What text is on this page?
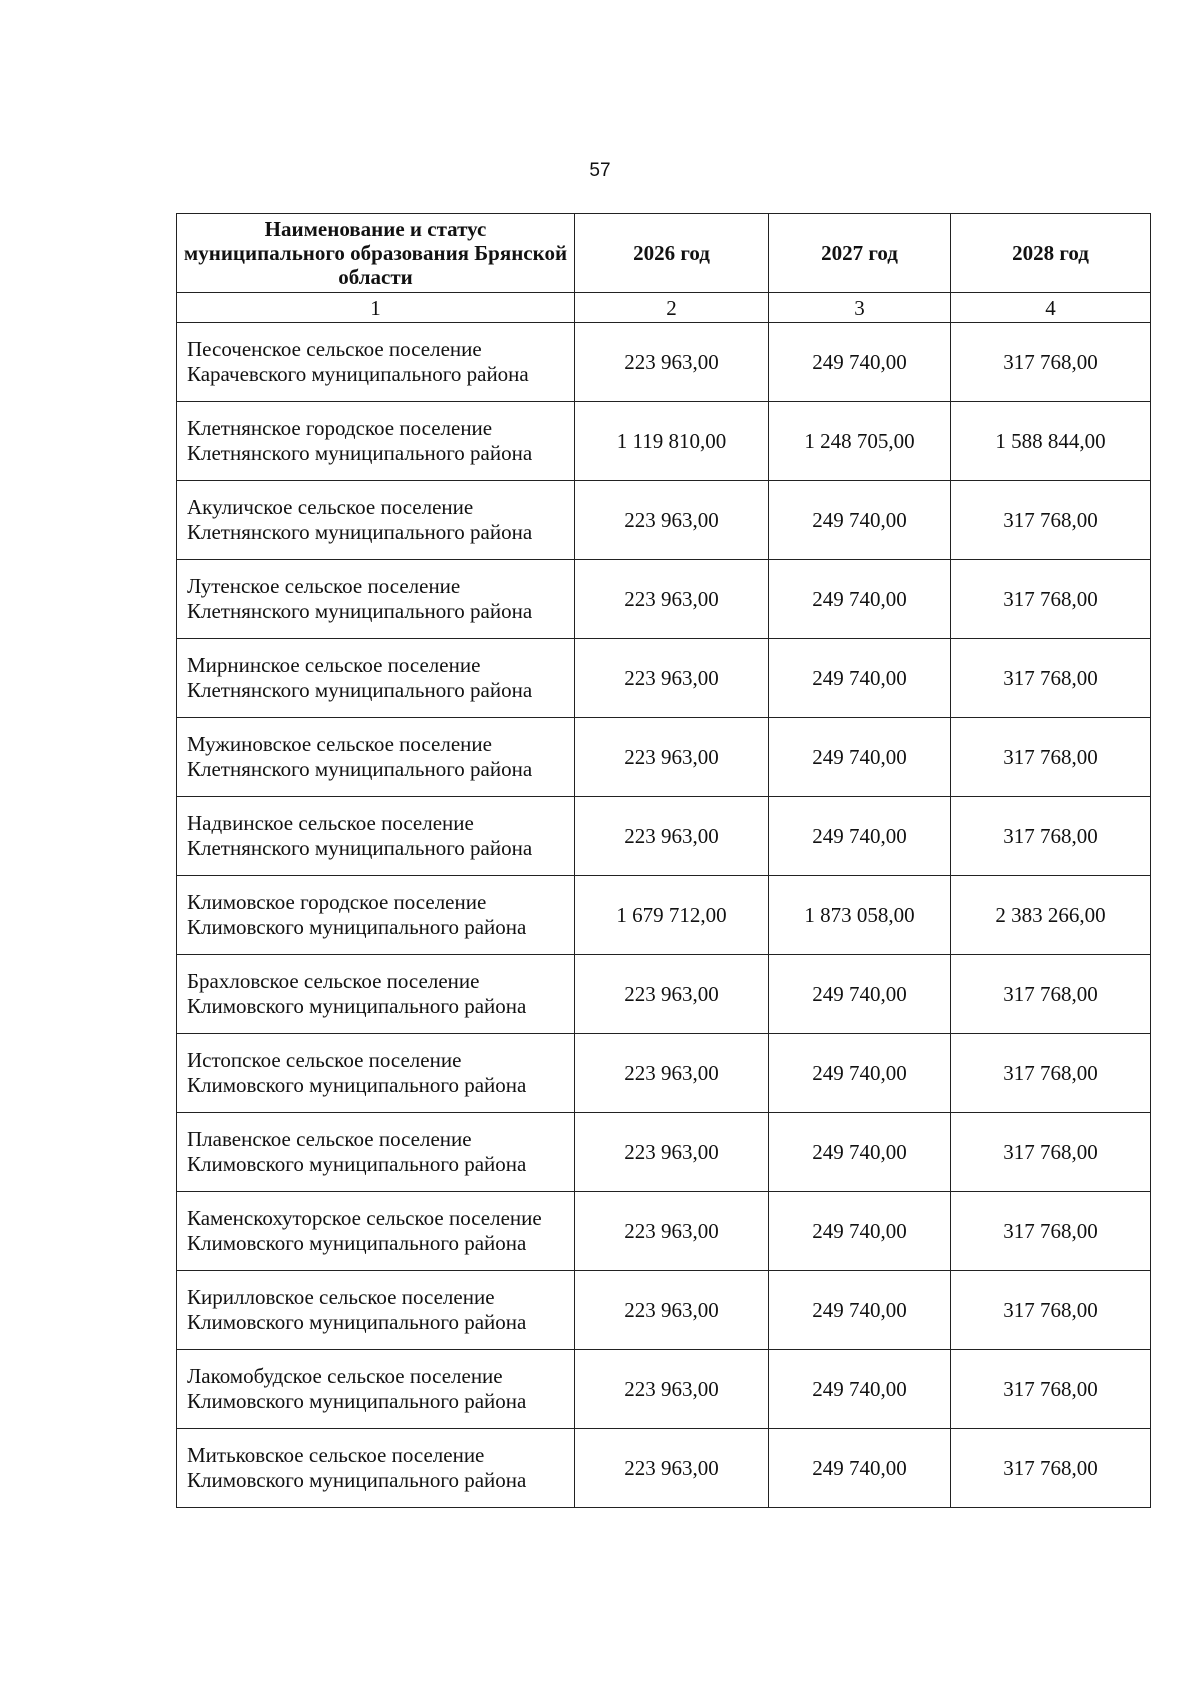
57
Наименование и статус муниципального образования Брянской области	2026 год	2027 год	2028 год
1	2	3	4
Песоченское сельское поселение Карачевского муниципального района	223 963,00	249 740,00	317 768,00
Клетнянское городское поселение Клетнянского муниципального района	1 119 810,00	1 248 705,00	1 588 844,00
Акуличское сельское поселение Клетнянского муниципального района	223 963,00	249 740,00	317 768,00
Лутенское сельское поселение Клетнянского муниципального района	223 963,00	249 740,00	317 768,00
Мирнинское сельское поселение Клетнянского муниципального района	223 963,00	249 740,00	317 768,00
Мужиновское сельское поселение Клетнянского муниципального района	223 963,00	249 740,00	317 768,00
Надвинское сельское поселение Клетнянского муниципального района	223 963,00	249 740,00	317 768,00
Климовское городское поселение Климовского муниципального района	1 679 712,00	1 873 058,00	2 383 266,00
Брахловское сельское поселение Климовского муниципального района	223 963,00	249 740,00	317 768,00
Истопское сельское поселение Климовского муниципального района	223 963,00	249 740,00	317 768,00
Плавенское сельское поселение Климовского муниципального района	223 963,00	249 740,00	317 768,00
Каменскохуторское сельское поселение Климовского муниципального района	223 963,00	249 740,00	317 768,00
Кирилловское сельское поселение Климовского муниципального района	223 963,00	249 740,00	317 768,00
Лакомобудское сельское поселение Климовского муниципального района	223 963,00	249 740,00	317 768,00
Митьковское сельское поселение Климовского муниципального района	223 963,00	249 740,00	317 768,00
